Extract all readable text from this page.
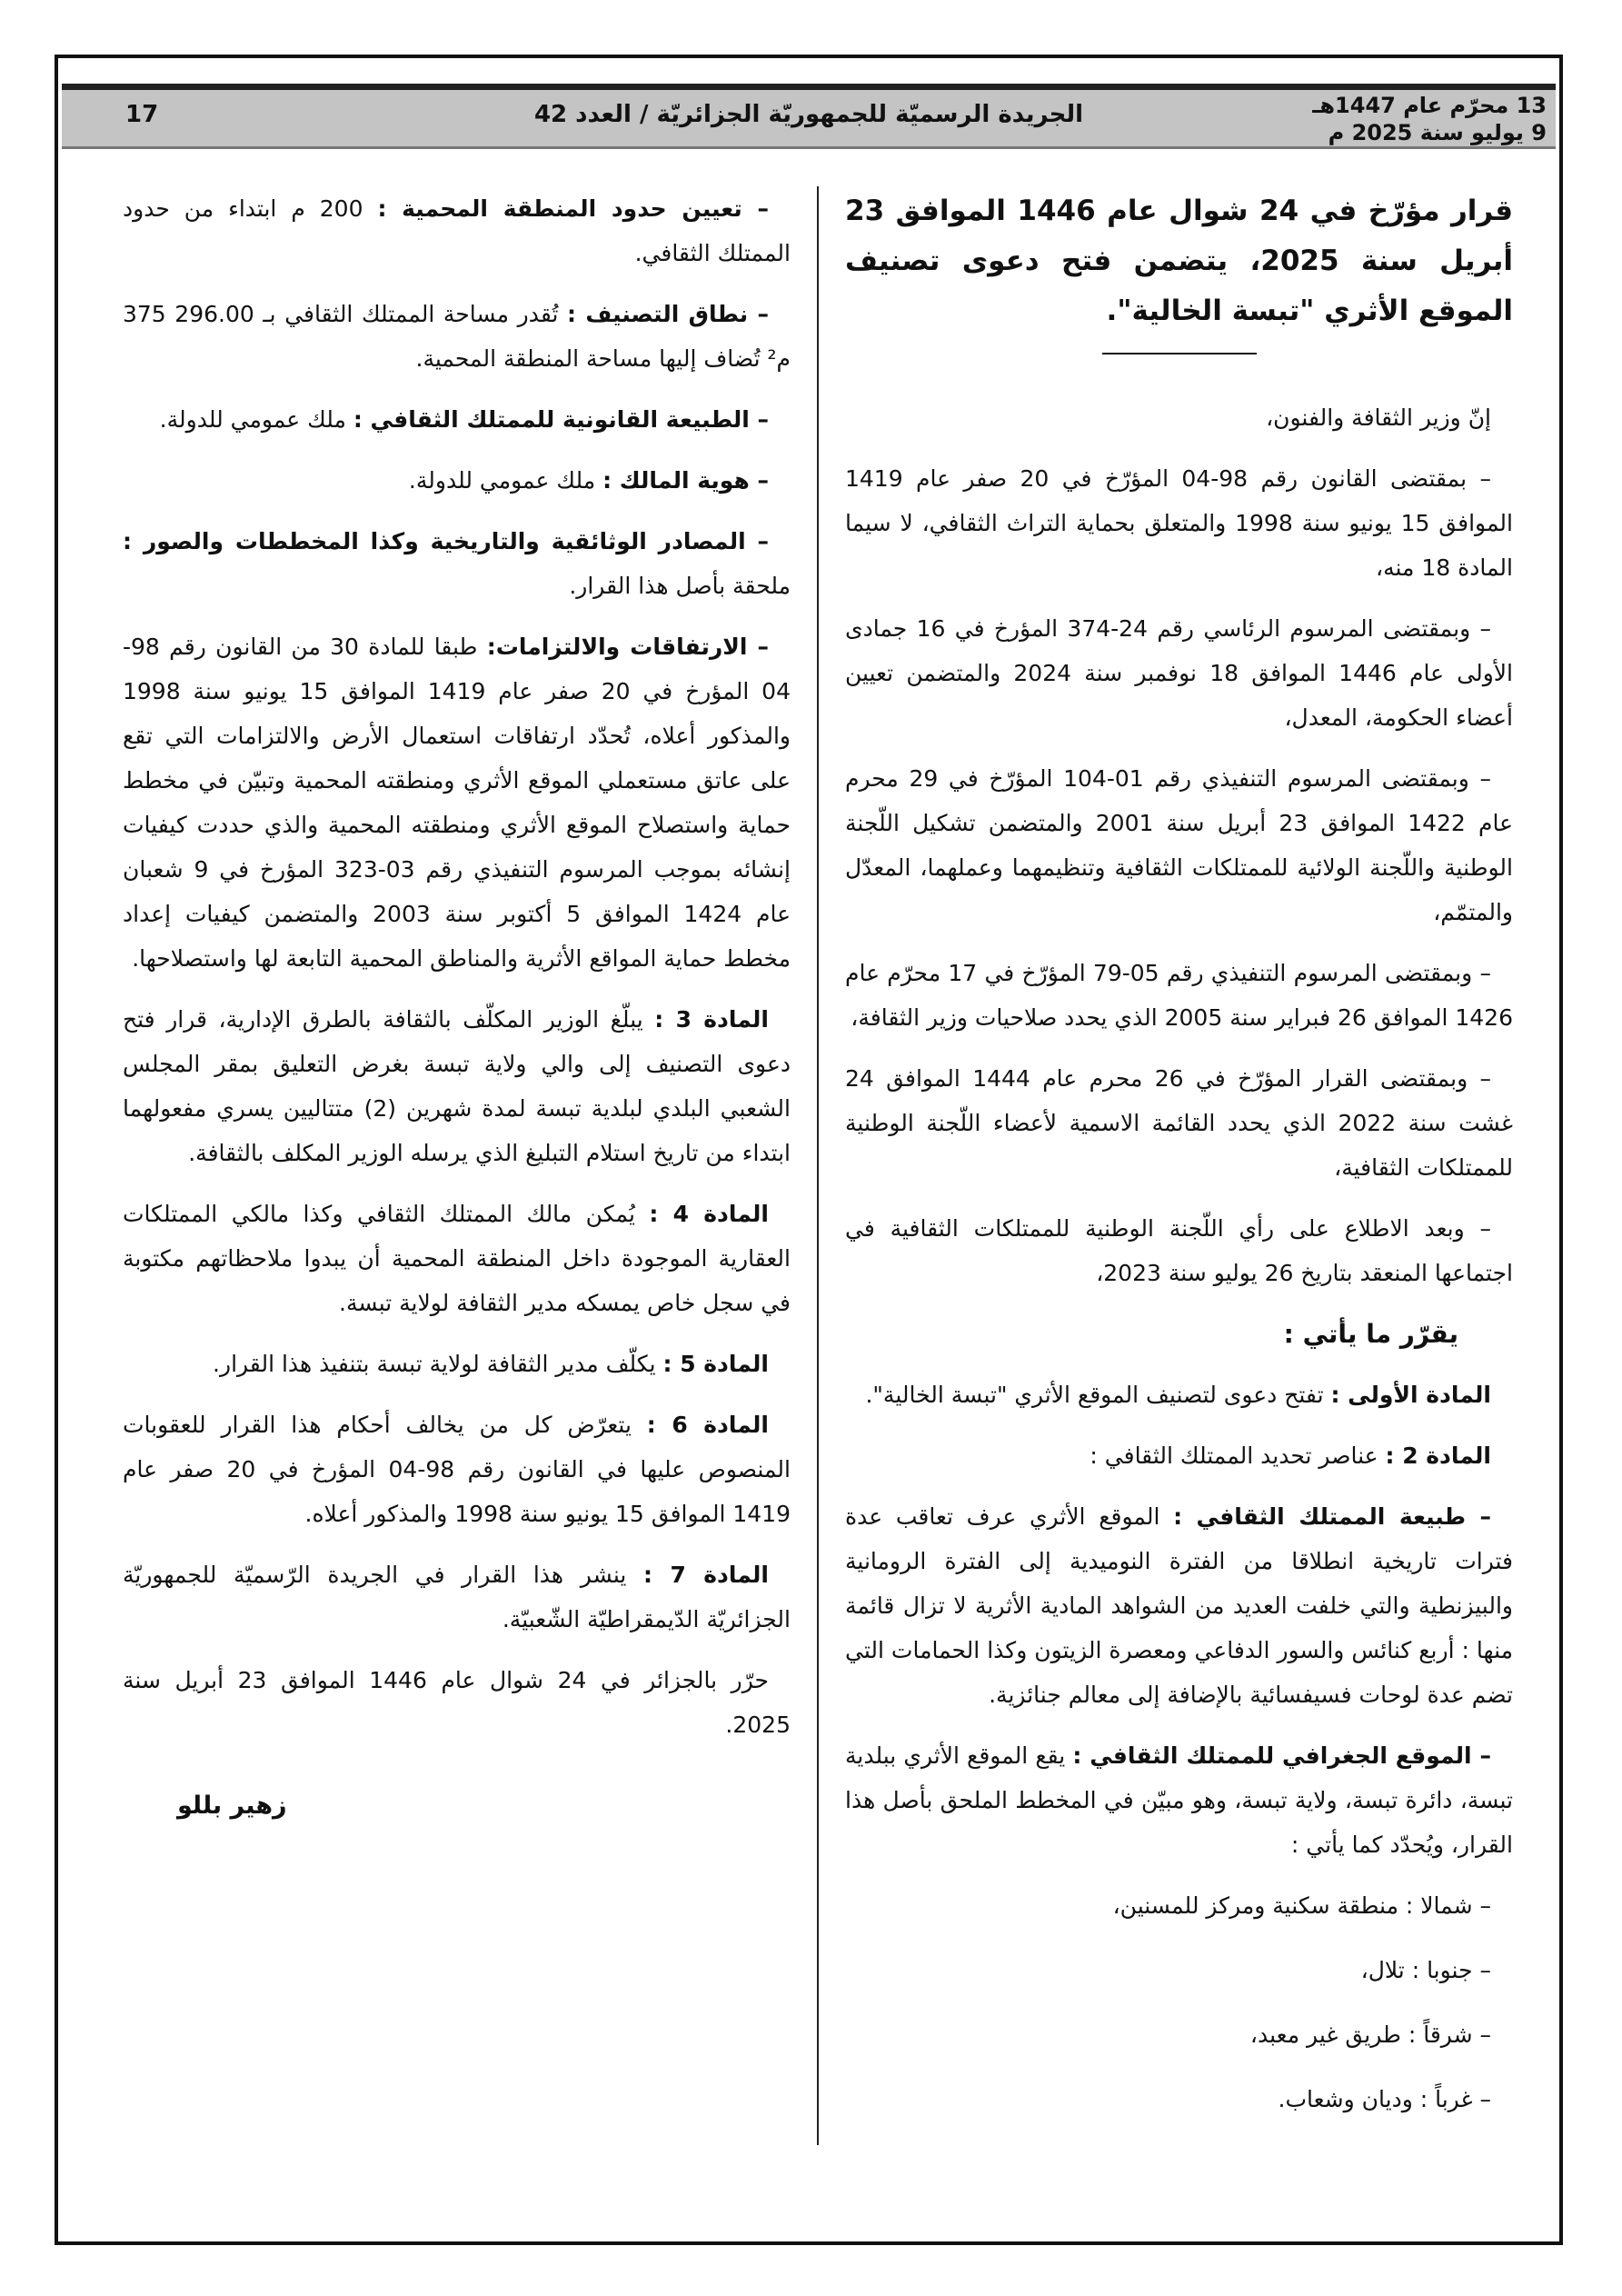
13 محرّم عام 1447هـ
9 يوليو سنة 2025 م
الجريدة الرسميّة للجمهوريّة الجزائريّة / العدد 42
17

قرار مؤرّخ في 24 شوال عام 1446 الموافق 23 أبريل سنة 2025، يتضمن فتح دعوى تصنيف الموقع الأثري "تبسة الخالية".

إنّ وزير الثقافة والفنون،

– بمقتضى القانون رقم 98-04 المؤرّخ في 20 صفر عام 1419 الموافق 15 يونيو سنة 1998 والمتعلق بحماية التراث الثقافي، لا سيما المادة 18 منه،

– وبمقتضى المرسوم الرئاسي رقم 24-374 المؤرخ في 16 جمادى الأولى عام 1446 الموافق 18 نوفمبر سنة 2024 والمتضمن تعيين أعضاء الحكومة، المعدل،

– وبمقتضى المرسوم التنفيذي رقم 01-104 المؤرّخ في 29 محرم عام 1422 الموافق 23 أبريل سنة 2001 والمتضمن تشكيل اللّجنة الوطنية واللّجنة الولائية للممتلكات الثقافية وتنظيمهما وعملهما، المعدّل والمتمّم،

– وبمقتضى المرسوم التنفيذي رقم 05-79 المؤرّخ في 17 محرّم عام 1426 الموافق 26 فبراير سنة 2005 الذي يحدد صلاحيات وزير الثقافة،

– وبمقتضى القرار المؤرّخ في 26 محرم عام 1444 الموافق 24 غشت سنة 2022 الذي يحدد القائمة الاسمية لأعضاء اللّجنة الوطنية للممتلكات الثقافية،

– وبعد الاطلاع على رأي اللّجنة الوطنية للممتلكات الثقافية في اجتماعها المنعقد بتاريخ 26 يوليو سنة 2023،

يقرّر ما يأتي :

المادة الأولى : تفتح دعوى لتصنيف الموقع الأثري "تبسة الخالية".

المادة 2 : عناصر تحديد الممتلك الثقافي :

– طبيعة الممتلك الثقافي : الموقع الأثري عرف تعاقب عدة فترات تاريخية انطلاقا من الفترة النوميدية إلى الفترة الرومانية والبيزنطية والتي خلفت العديد من الشواهد المادية الأثرية لا تزال قائمة منها : أربع كنائس والسور الدفاعي ومعصرة الزيتون وكذا الحمامات التي تضم عدة لوحات فسيفسائية بالإضافة إلى معالم جنائزية.

– الموقع الجغرافي للممتلك الثقافي : يقع الموقع الأثري ببلدية تبسة، دائرة تبسة، ولاية تبسة، وهو مبيّن في المخطط الملحق بأصل هذا القرار، ويُحدّد كما يأتي :

– شمالا : منطقة سكنية ومركز للمسنين،

– جنوبا : تلال،

– شرقاً : طريق غير معبد،

– غرباً : وديان وشعاب.

– تعيين حدود المنطقة المحمية : 200 م ابتداء من حدود الممتلك الثقافي.

– نطاق التصنيف : تُقدر مساحة الممتلك الثقافي بـ 296.00 375 م² تُضاف إليها مساحة المنطقة المحمية.

– الطبيعة القانونية للممتلك الثقافي : ملك عمومي للدولة.

– هوية المالك : ملك عمومي للدولة.

– المصادر الوثائقية والتاريخية وكذا المخططات والصور : ملحقة بأصل هذا القرار.

– الارتفاقات والالتزامات: طبقا للمادة 30 من القانون رقم 98-04 المؤرخ في 20 صفر عام 1419 الموافق 15 يونيو سنة 1998 والمذكور أعلاه، تُحدّد ارتفاقات استعمال الأرض والالتزامات التي تقع على عاتق مستعملي الموقع الأثري ومنطقته المحمية وتبيّن في مخطط حماية واستصلاح الموقع الأثري ومنطقته المحمية والذي حددت كيفيات إنشائه بموجب المرسوم التنفيذي رقم 03-323 المؤرخ في 9 شعبان عام 1424 الموافق 5 أكتوبر سنة 2003 والمتضمن كيفيات إعداد مخطط حماية المواقع الأثرية والمناطق المحمية التابعة لها واستصلاحها.

المادة 3 : يبلّغ الوزير المكلّف بالثقافة بالطرق الإدارية، قرار فتح دعوى التصنيف إلى والي ولاية تبسة بغرض التعليق بمقر المجلس الشعبي البلدي لبلدية تبسة لمدة شهرين (2) متتاليين يسري مفعولهما ابتداء من تاريخ استلام التبليغ الذي يرسله الوزير المكلف بالثقافة.

المادة 4 : يُمكن مالك الممتلك الثقافي وكذا مالكي الممتلكات العقارية الموجودة داخل المنطقة المحمية أن يبدوا ملاحظاتهم مكتوبة في سجل خاص يمسكه مدير الثقافة لولاية تبسة.

المادة 5 : يكلّف مدير الثقافة لولاية تبسة بتنفيذ هذا القرار.

المادة 6 : يتعرّض كل من يخالف أحكام هذا القرار للعقوبات المنصوص عليها في القانون رقم 98-04 المؤرخ في 20 صفر عام 1419 الموافق 15 يونيو سنة 1998 والمذكور أعلاه.

المادة 7 : ينشر هذا القرار في الجريدة الرّسميّة للجمهوريّة الجزائريّة الدّيمقراطيّة الشّعبيّة.

حرّر بالجزائر في 24 شوال عام 1446 الموافق 23 أبريل سنة 2025.

زهير بللو
